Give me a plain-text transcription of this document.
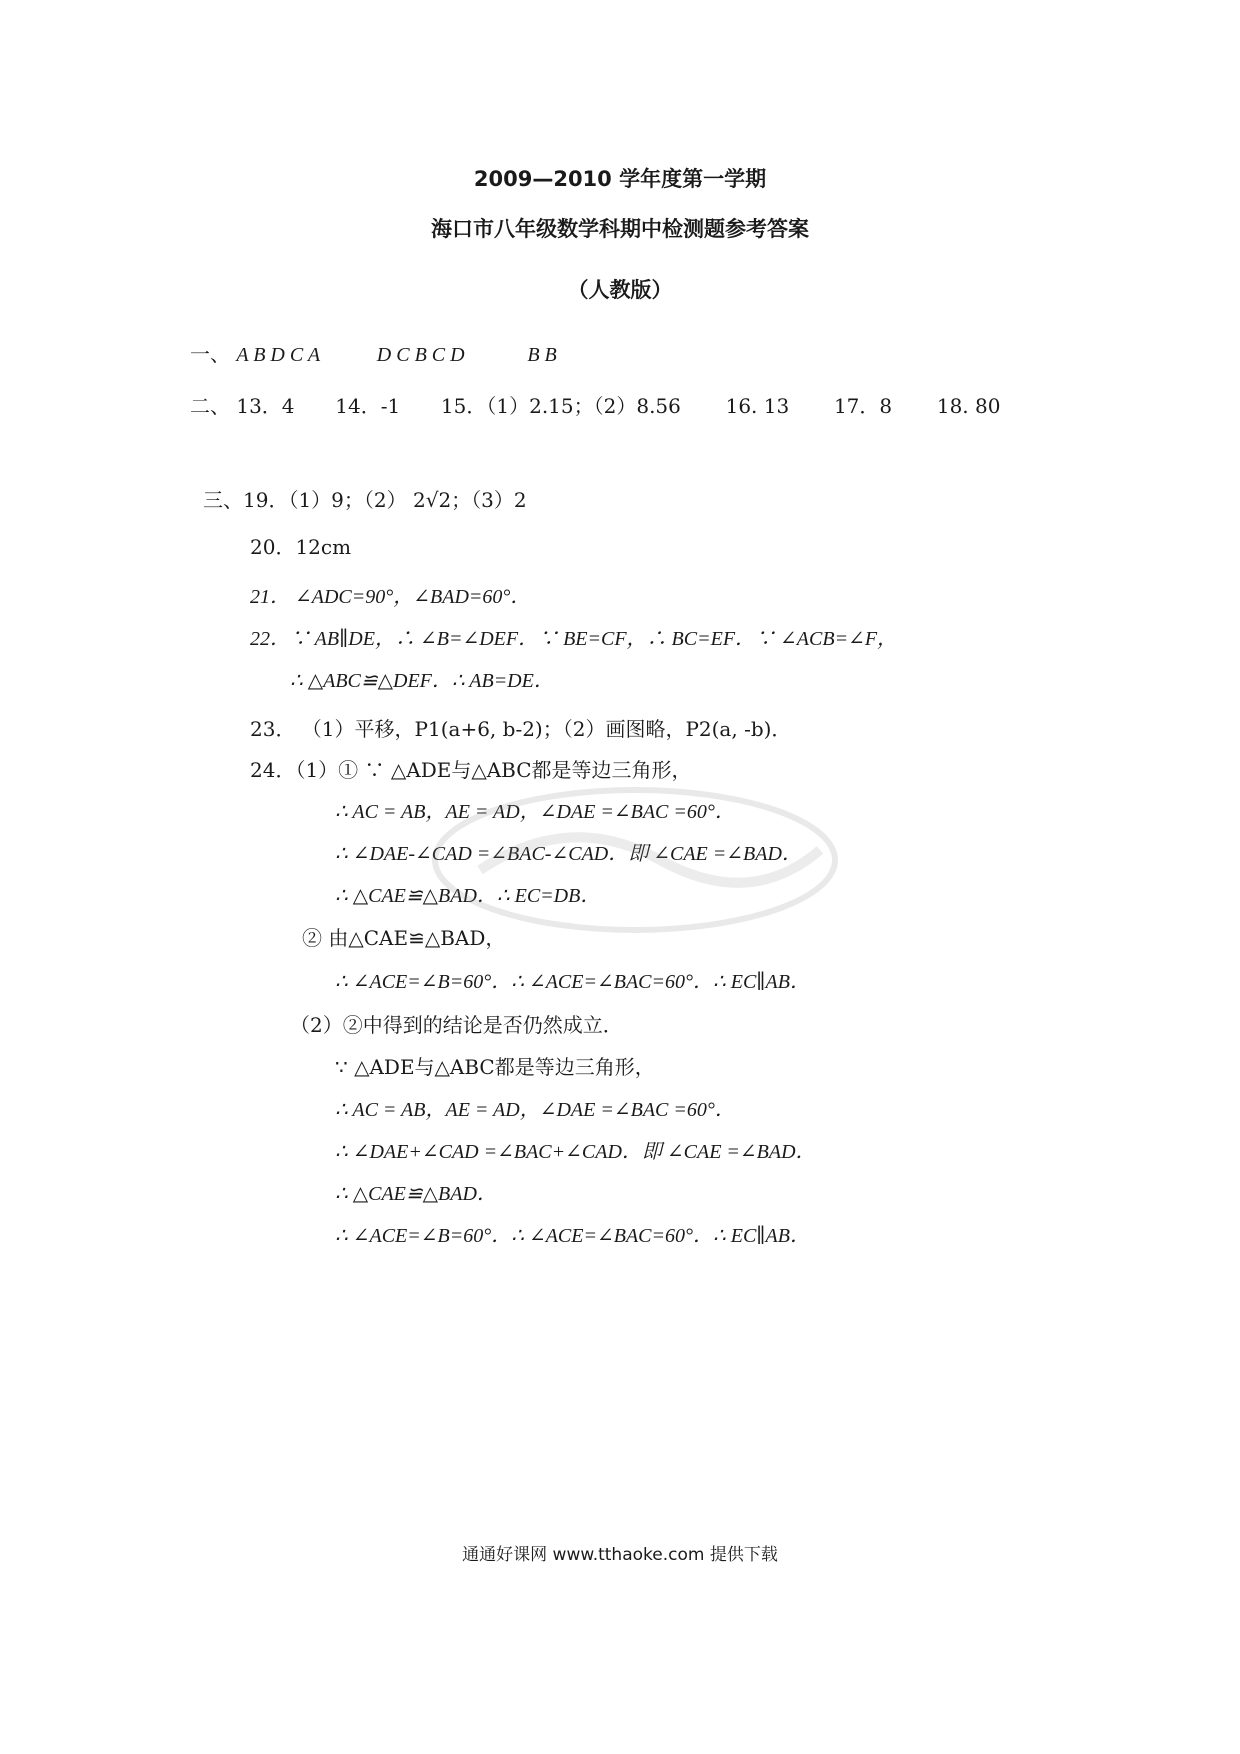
2009—2010 学年度第一学期
海口市八年级数学科期中检测题参考答案
（人教版）
一、 A B D C A	D C B C D	B B
二、 13．4 14．-1 15．（1）2.15；（2）8.56 16. 13 17．8 18. 80
三、19．（1）9；（2） 2√2；（3）2
20．12cm
21． ∠ADC=90°，∠BAD=60°．
22．∵ AB∥DE，∴ ∠B=∠DEF．∵ BE=CF，∴ BC=EF．∵ ∠ACB=∠F，
∴ △ABC≌△DEF．∴ AB=DE．
23． （1）平移，P1(a+6, b-2)；（2）画图略，P2(a, -b)．
24．（1）① ∵ △ADE与△ABC都是等边三角形，
∴ AC = AB，AE = AD，∠DAE =∠BAC =60°．
∴ ∠DAE-∠CAD =∠BAC-∠CAD．即 ∠CAE =∠BAD．
∴ △CAE≌△BAD．∴ EC=DB．
② 由△CAE≌△BAD，
∴ ∠ACE=∠B=60°．∴ ∠ACE=∠BAC=60°．∴ EC∥AB．
（2）②中得到的结论是否仍然成立．
∵ △ADE与△ABC都是等边三角形，
∴ AC = AB，AE = AD，∠DAE =∠BAC =60°．
∴ ∠DAE+∠CAD =∠BAC+∠CAD．即 ∠CAE =∠BAD．
∴ △CAE≌△BAD．
∴ ∠ACE=∠B=60°．∴ ∠ACE=∠BAC=60°．∴ EC∥AB．
通通好课网 www.tthaoke.com 提供下载
